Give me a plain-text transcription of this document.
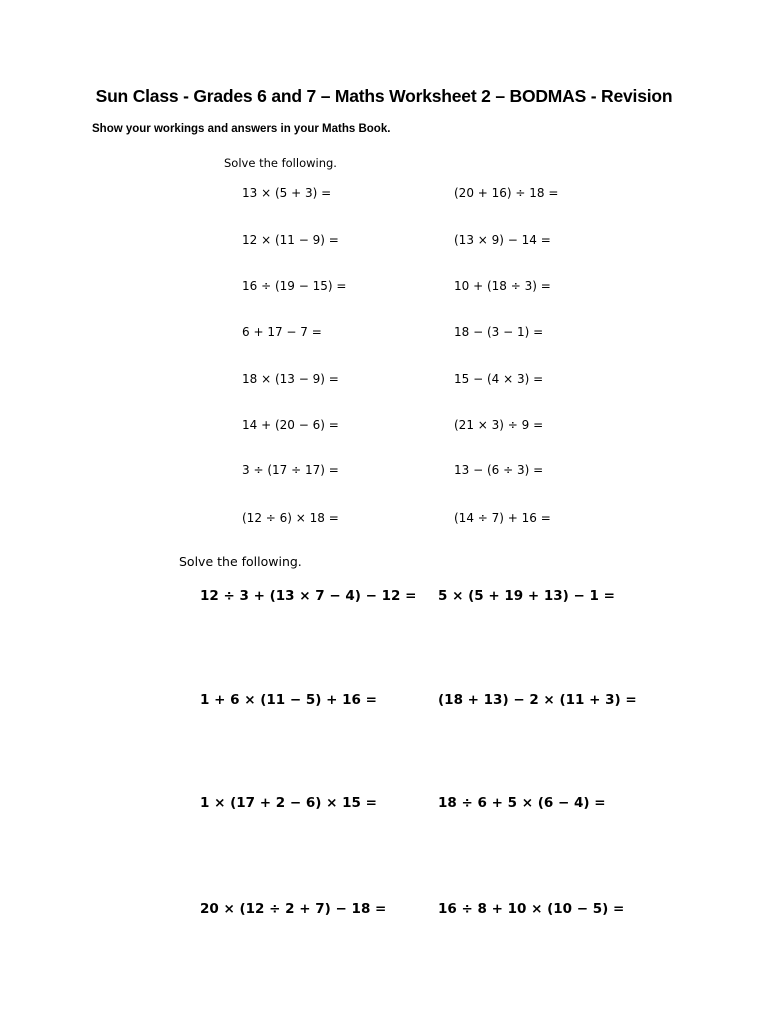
Sun Class - Grades 6 and 7 – Maths Worksheet 2 – BODMAS - Revision
Show your workings and answers in your Maths Book.
Solve the following.
13 × (5 + 3) =
12 × (11 − 9) =
16 ÷ (19 − 15) =
6 + 17 − 7 =
18 × (13 − 9) =
14 + (20 − 6) =
3 ÷ (17 ÷ 17) =
(12 ÷ 6) × 18 =
(20 + 16) ÷ 18 =
(13 × 9) − 14 =
10 + (18 ÷ 3) =
18 − (3 − 1) =
15 − (4 × 3) =
(21 × 3) ÷ 9 =
13 − (6 ÷ 3) =
(14 ÷ 7) + 16 =
Solve the following.
12 ÷ 3 + (13 × 7 − 4) − 12 =
1 + 6 × (11 − 5) + 16 =
1 × (17 + 2 − 6) × 15 =
20 × (12 ÷ 2 + 7) − 18 =
5 × (5 + 19 + 13) − 1 =
(18 + 13) − 2 × (11 + 3) =
18 ÷ 6 + 5 × (6 − 4) =
16 ÷ 8 + 10 × (10 − 5) =
